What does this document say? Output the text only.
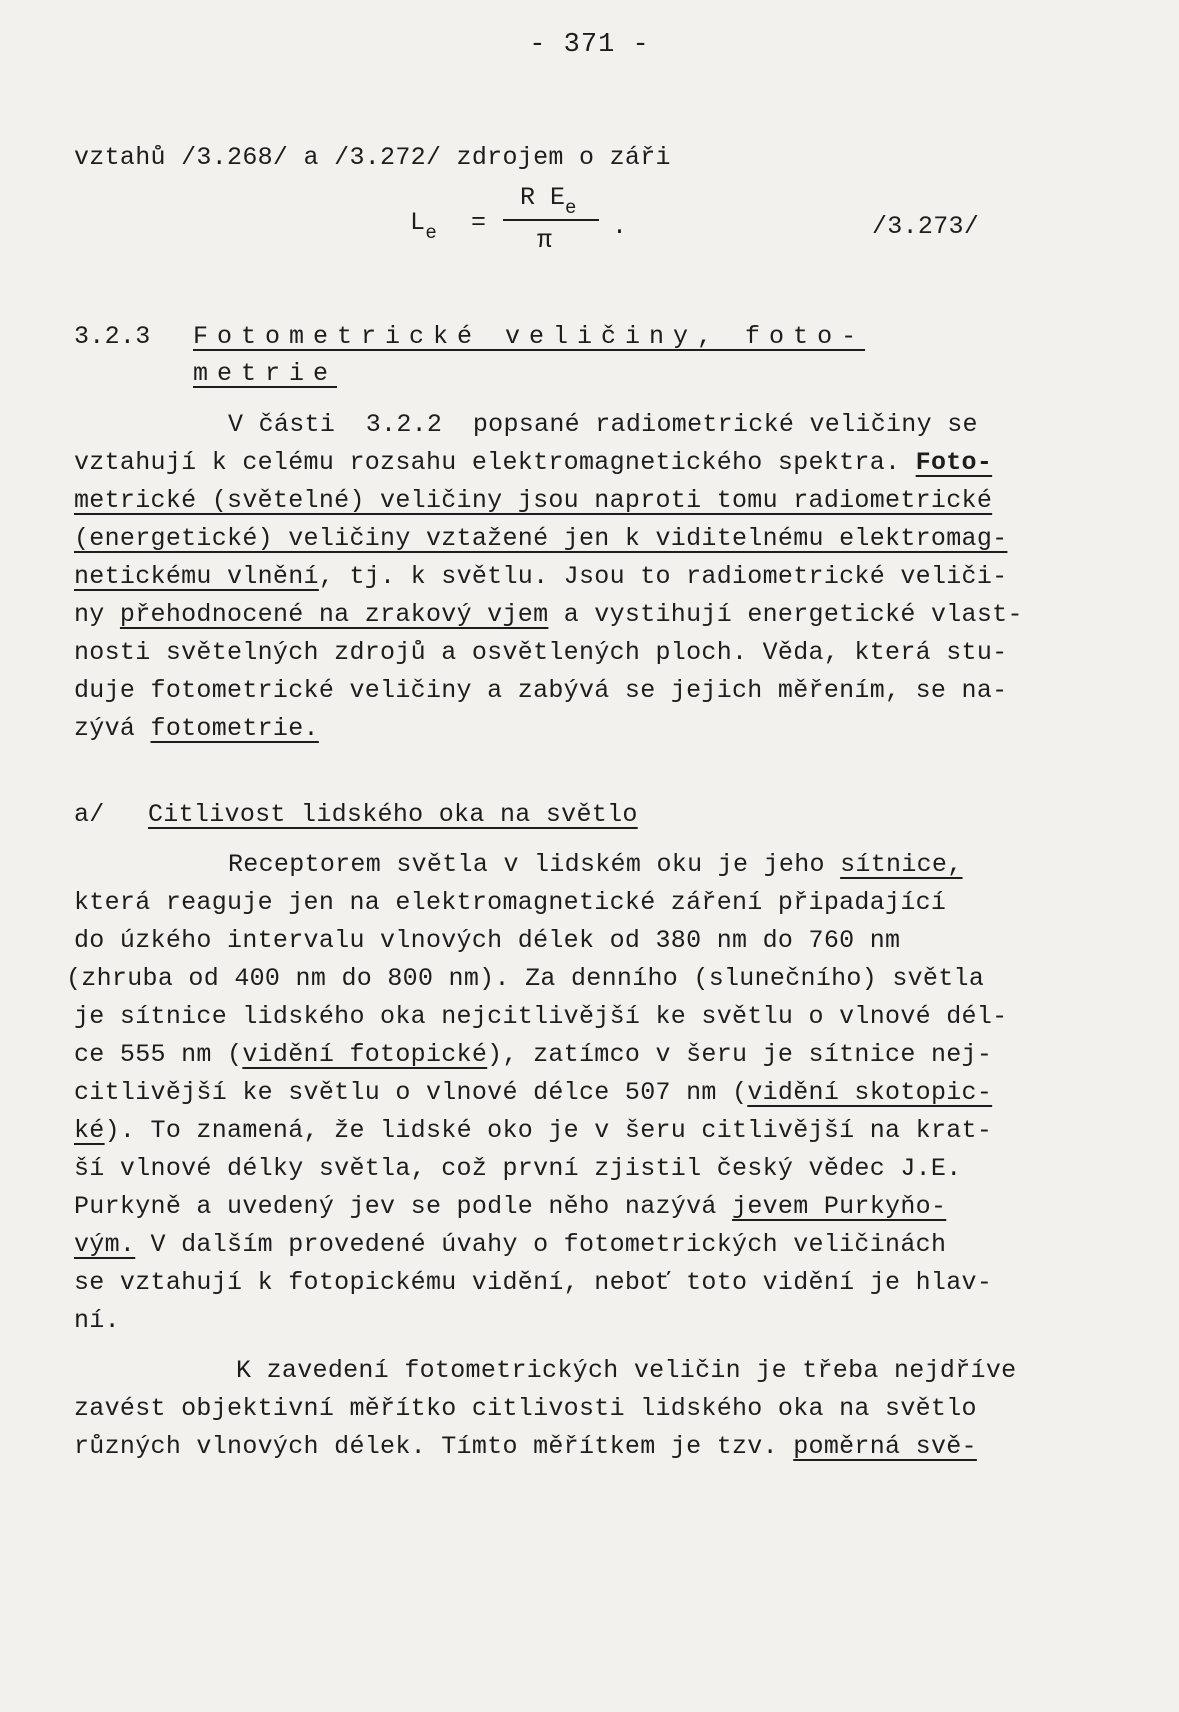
- 371 -
vztahů /3.268/ a /3.272/ zdrojem o záři
$L_e$ =
R $E_e$
π .	/3.273/
3.2.3 Fotometrické veličiny, foto-
metrie
V části  3.2.2  popsané radiometrické veličiny se
vztahují k celému rozsahu elektromagnetického spektra. Foto-
metrické (světelné) veličiny jsou naproti tomu radiometrické
(energetické) veličiny vztažené jen k viditelnému elektromag-
netickému vlnění, tj. k světlu. Jsou to radiometrické veliči-
ny přehodnocené na zrakový vjem a vystihují energetické vlast-
nosti světelných zdrojů a osvětlených ploch. Věda, která stu-
duje fotometrické veličiny a zabývá se jejich měřením, se na-
zývá fotometrie.
a/ Citlivost lidského oka na světlo
Receptorem světla v lidském oku je jeho sítnice,
která reaguje jen na elektromagnetické záření připadající
do úzkého intervalu vlnových délek od 380 nm do 760 nm
(zhruba od 400 nm do 800 nm). Za denního (slunečního) světla
je sítnice lidského oka nejcitlivější ke světlu o vlnové dél-
ce 555 nm (vidění fotopické), zatímco v šeru je sítnice nej-
citlivější ke světlu o vlnové délce 507 nm (vidění skotopic-
ké). To znamená, že lidské oko je v šeru citlivější na krat-
ší vlnové délky světla, což první zjistil český vědec J.E.
Purkyně a uvedený jev se podle něho nazývá jevem Purkyňo-
vým. V dalším provedené úvahy o fotometrických veličinách
se vztahují k fotopickému vidění, neboť toto vidění je hlav-
ní.
K zavedení fotometrických veličin je třeba nejdříve
zavést objektivní měřítko citlivosti lidského oka na světlo
různých vlnových délek. Tímto měřítkem je tzv. poměrná svě-
